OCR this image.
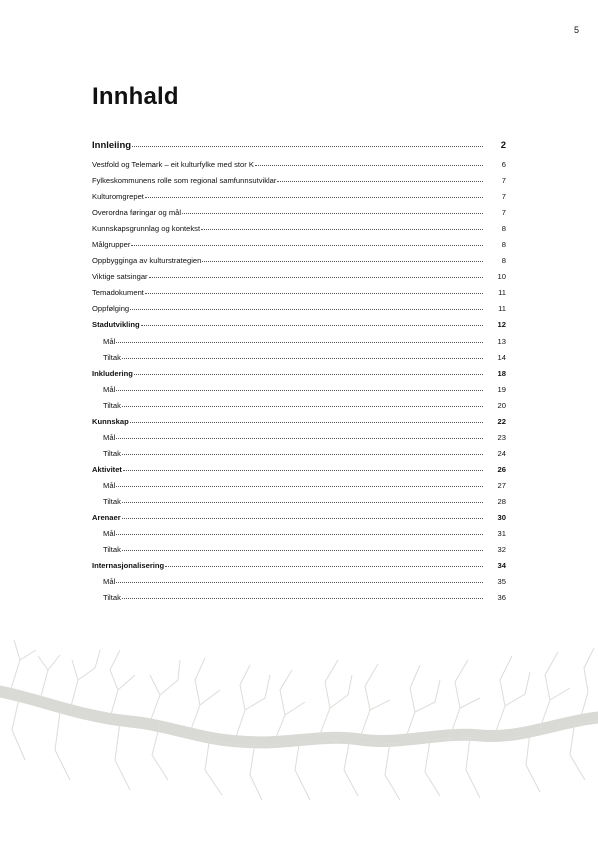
5
Innhald
Innleiing	2
Vestfold og Telemark – eit kulturfylke med stor K	6
Fylkeskommunens rolle som regional samfunnsutviklar	7
Kulturomgrepet	7
Overordna føringar og mål	7
Kunnskapsgrunnlag og kontekst	8
Målgrupper	8
Oppbygginga av kulturstrategien	8
Viktige satsingar	10
Temadokument	11
Oppfølging	11
Stadutvikling	12
Mål	13
Tiltak	14
Inkludering	18
Mål	19
Tiltak	20
Kunnskap	22
Mål	23
Tiltak	24
Aktivitet	26
Mål	27
Tiltak	28
Arenaer	30
Mål	31
Tiltak	32
Internasjonalisering	34
Mål	35
Tiltak	36
